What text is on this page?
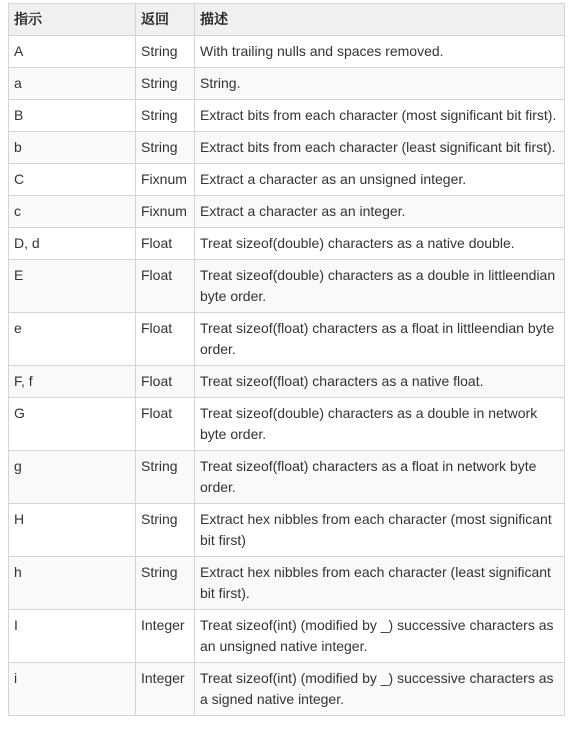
指示	返回	描述
A	String	With trailing nulls and spaces removed.
a	String	String.
B	String	Extract bits from each character (most significant bit first).
b	String	Extract bits from each character (least significant bit first).
C	Fixnum	Extract a character as an unsigned integer.
c	Fixnum	Extract a character as an integer.
D, d	Float	Treat sizeof(double) characters as a native double.
E	Float	Treat sizeof(double) characters as a double in littleendian byte order.
e	Float	Treat sizeof(float) characters as a float in littleendian byte order.
F, f	Float	Treat sizeof(float) characters as a native float.
G	Float	Treat sizeof(double) characters as a double in network byte order.
g	String	Treat sizeof(float) characters as a float in network byte order.
H	String	Extract hex nibbles from each character (most significant bit first)
h	String	Extract hex nibbles from each character (least significant bit first).
I	Integer	Treat sizeof(int) (modified by _) successive characters as an unsigned native integer.
i	Integer	Treat sizeof(int) (modified by _) successive characters as a signed native integer.
